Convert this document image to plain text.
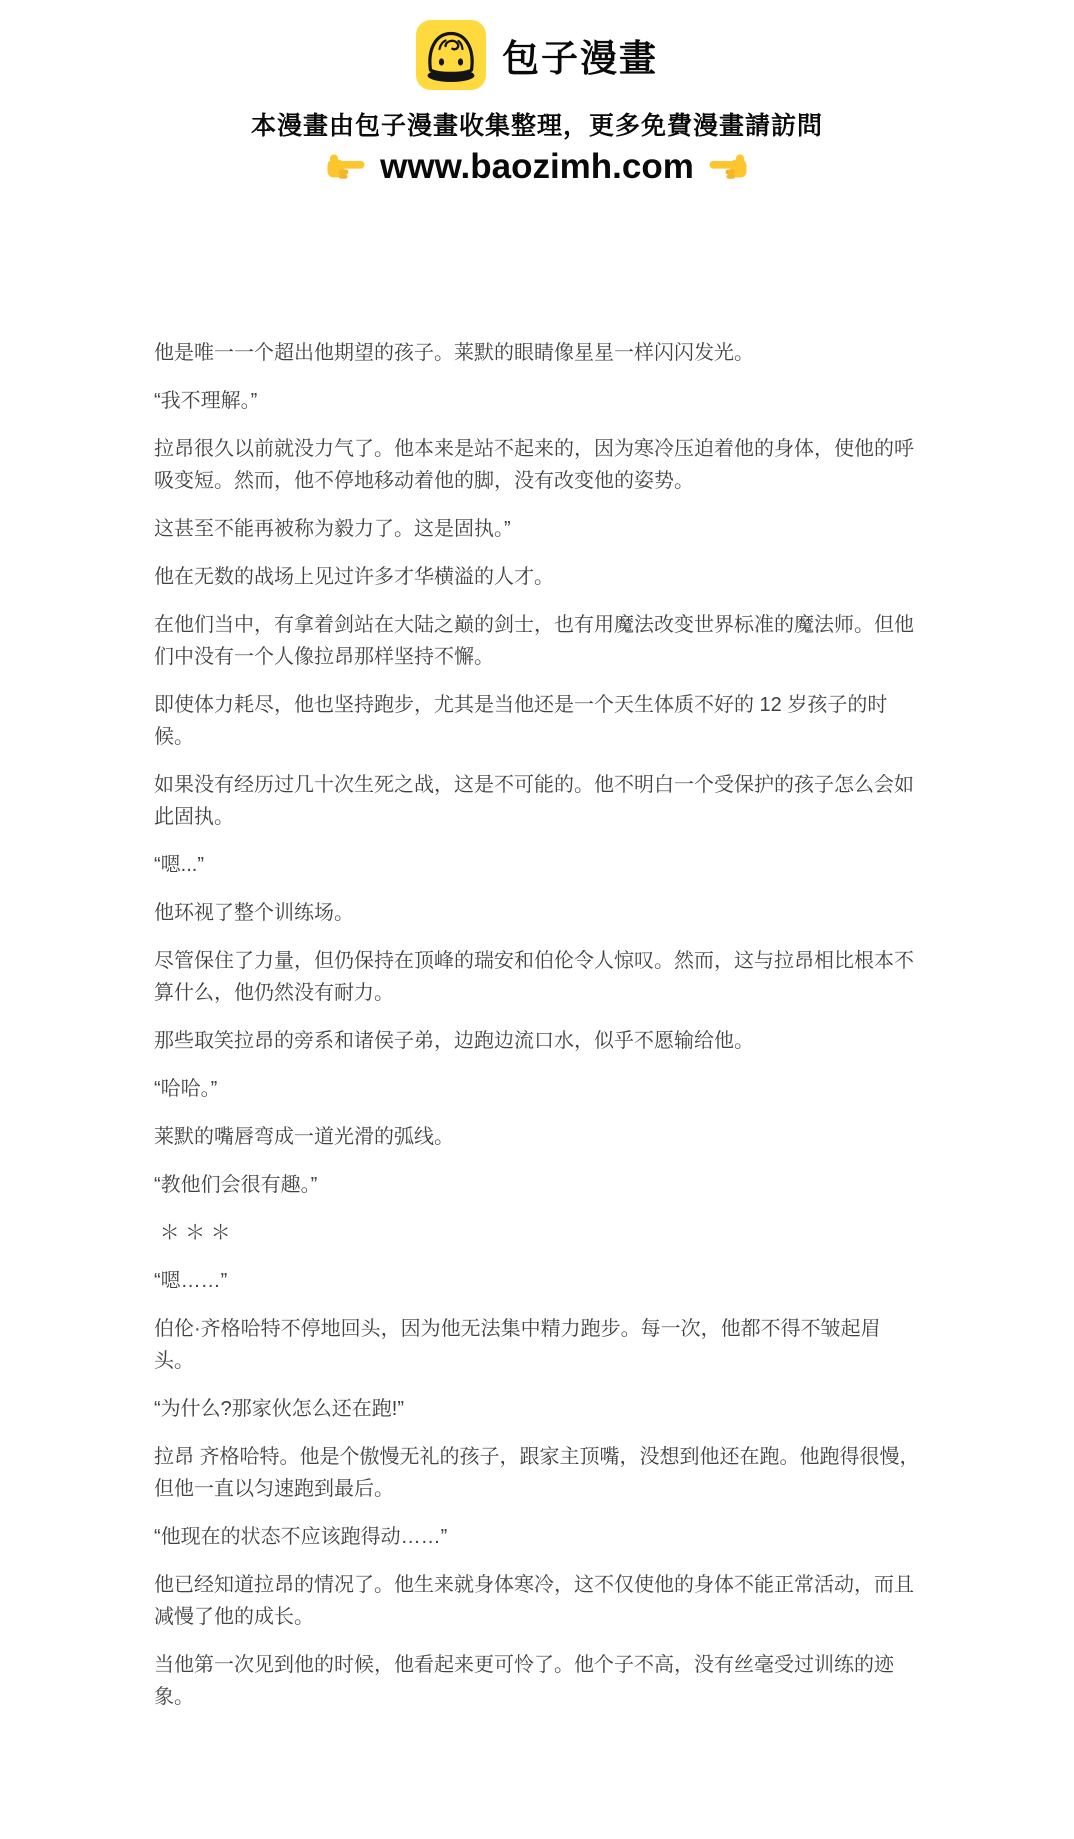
包子漫畫
本漫畫由包子漫畫收集整理，更多免費漫畫請訪問
www.baozimh.com

他是唯一一个超出他期望的孩子。莱默的眼睛像星星一样闪闪发光。

“我不理解。”

拉昂很久以前就没力气了。他本来是站不起来的，因为寒冷压迫着他的身体，使他的呼吸变短。然而，他不停地移动着他的脚，没有改变他的姿势。

这甚至不能再被称为毅力了。这是固执。”

他在无数的战场上见过许多才华横溢的人才。

在他们当中，有拿着剑站在大陆之巅的剑士，也有用魔法改变世界标准的魔法师。但他们中没有一个人像拉昂那样坚持不懈。

即使体力耗尽，他也坚持跑步，尤其是当他还是一个天生体质不好的 12 岁孩子的时候。

如果没有经历过几十次生死之战，这是不可能的。他不明白一个受保护的孩子怎么会如此固执。

“嗯...”

他环视了整个训练场。

尽管保住了力量，但仍保持在顶峰的瑞安和伯伦令人惊叹。然而，这与拉昂相比根本不算什么，他仍然没有耐力。

那些取笑拉昂的旁系和诸侯子弟，边跑边流口水，似乎不愿输给他。

“哈哈。”

莱默的嘴唇弯成一道光滑的弧线。

“教他们会很有趣。”

＊ ＊ ＊

“嗯……”

伯伦·齐格哈特不停地回头，因为他无法集中精力跑步。每一次，他都不得不皱起眉头。

“为什么?那家伙怎么还在跑!”

拉昂 齐格哈特。他是个傲慢无礼的孩子，跟家主顶嘴，没想到他还在跑。他跑得很慢，但他一直以匀速跑到最后。

“他现在的状态不应该跑得动……”

他已经知道拉昂的情况了。他生来就身体寒冷，这不仅使他的身体不能正常活动，而且减慢了他的成长。

当他第一次见到他的时候，他看起来更可怜了。他个子不高，没有丝毫受过训练的迹象。
